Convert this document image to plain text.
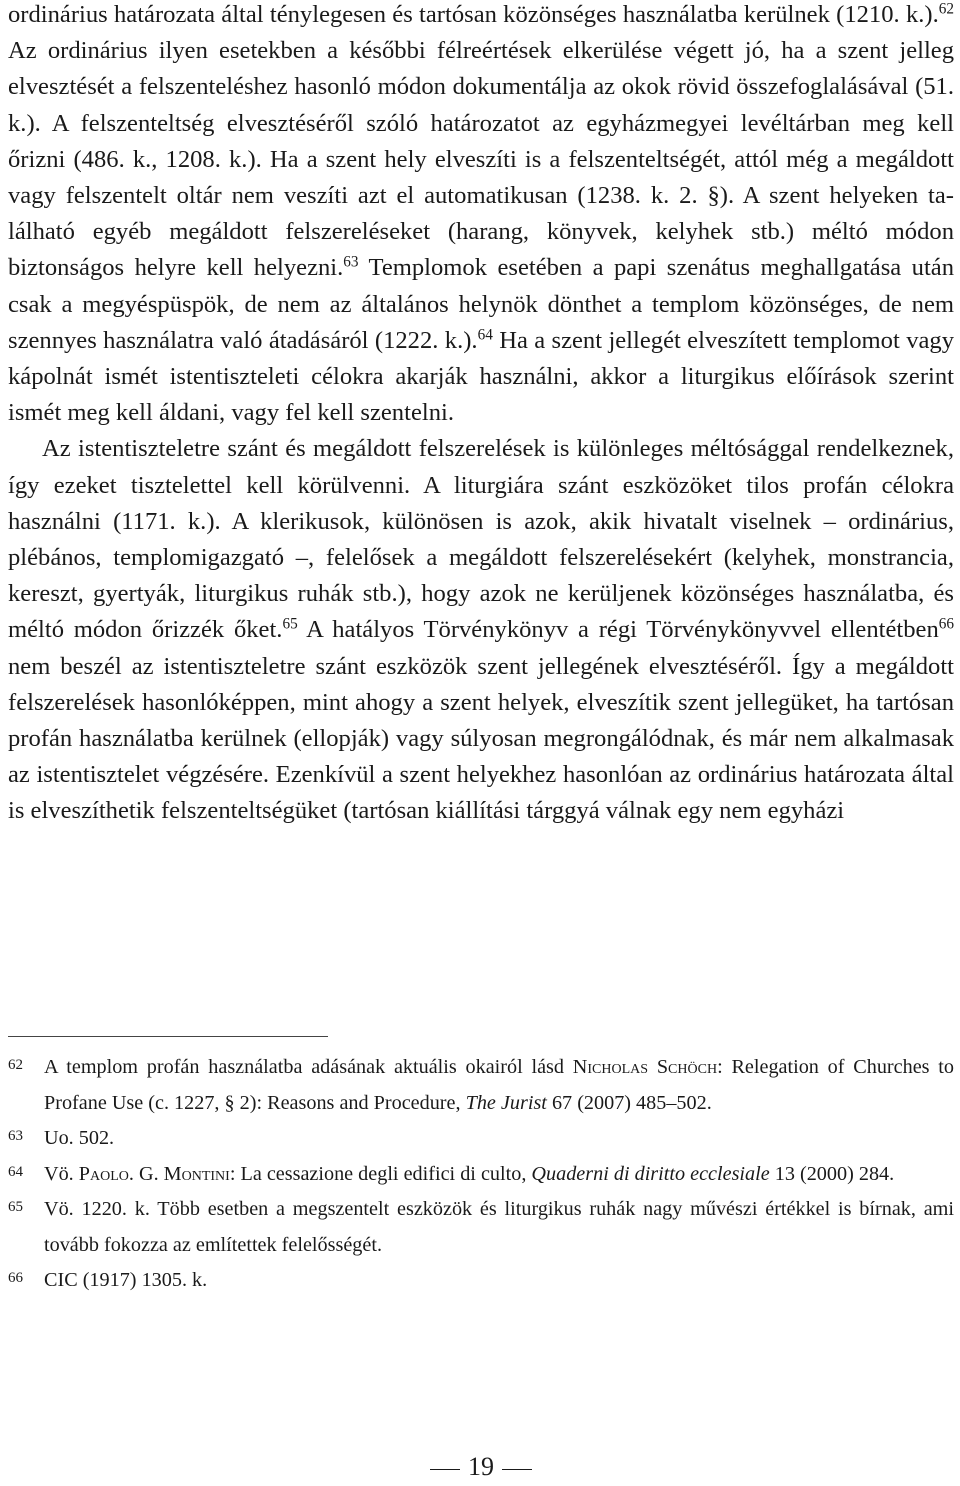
ordinárius határozata által ténylegesen és tartósan közönséges használatba kerülnek (1210. k.).$^{62}$ Az ordinárius ilyen esetekben a későbbi félreértések elkerülése végett jó, ha a szent jelleg elvesztését a felszenteléshez hasonló módon dokumentálja az okok rövid összefoglalásával (51. k.). A felszenteltség elvesztéséről szóló határozatot az egyházmegyei levéltárban meg kell őrizni (486. k., 1208. k.). Ha a szent hely elveszíti is a felszenteltségét, attól még a megáldott vagy felszentelt oltár nem veszíti azt el automatikusan (1238. k. 2. §). A szent helyeken található egyéb megáldott felszereléseket (harang, könyvek, kelyhek stb.) méltó módon biztonságos helyre kell helyezni.$^{63}$ Templomok esetében a papi szenátus meghallgatása után csak a megyéspüspök, de nem az általános helynök dönthet a templom közönséges, de nem szennyes használatra való átadásáról (1222. k.).$^{64}$ Ha a szent jellegét elveszített templomot vagy kápolnát ismét istentiszteleti célokra akarják használni, akkor a liturgikus előírások szerint ismét meg kell áldani, vagy fel kell szentelni.

Az istentiszteletre szánt és megáldott felszerelések is különleges méltósággal rendelkeznek, így ezeket tisztelettel kell körülvenni. A liturgiára szánt eszközöket tilos profán célokra használni (1171. k.). A klerikusok, különösen is azok, akik hivatalt viselnek – ordinárius, plébános, templomigazgató –, felelősek a megáldott felszerelésekért (kelyhek, monstrancia, kereszt, gyertyák, liturgikus ruhák stb.), hogy azok ne kerüljenek közönséges használatba, és méltó módon őrizzék őket.$^{65}$ A hatályos Törvénykönyv a régi Törvénykönyvvel ellentétben$^{66}$ nem beszél az istentiszteletre szánt eszközök szent jellegének elvesztéséről. Így a megáldott felszerelések hasonlóképpen, mint ahogy a szent helyek, elveszítik szent jellegüket, ha tartósan profán használatba kerülnek (ellopják) vagy súlyosan megrongálódnak, és már nem alkalmasak az istentisztelet végzésére. Ezenkívül a szent helyekhez hasonlóan az ordinárius határozata által is elveszíthetik felszenteltségüket (tartósan kiállítási tárggyá válnak egy nem egyházi

62 A templom profán használatba adásának aktuális okairól lásd Nicholas Schöch: Relegation of Churches to Profane Use (c. 1227, § 2): Reasons and Procedure, The Jurist 67 (2007) 485–502.
63 Uo. 502.
64 Vö. Paolo. G. Montini: La cessazione degli edifici di culto, Quaderni di diritto ecclesiale 13 (2000) 284.
65 Vö. 1220. k. Több esetben a megszentelt eszközök és liturgikus ruhák nagy művészi értékkel is bírnak, ami tovább fokozza az említettek felelősségét.
66 CIC (1917) 1305. k.
19
